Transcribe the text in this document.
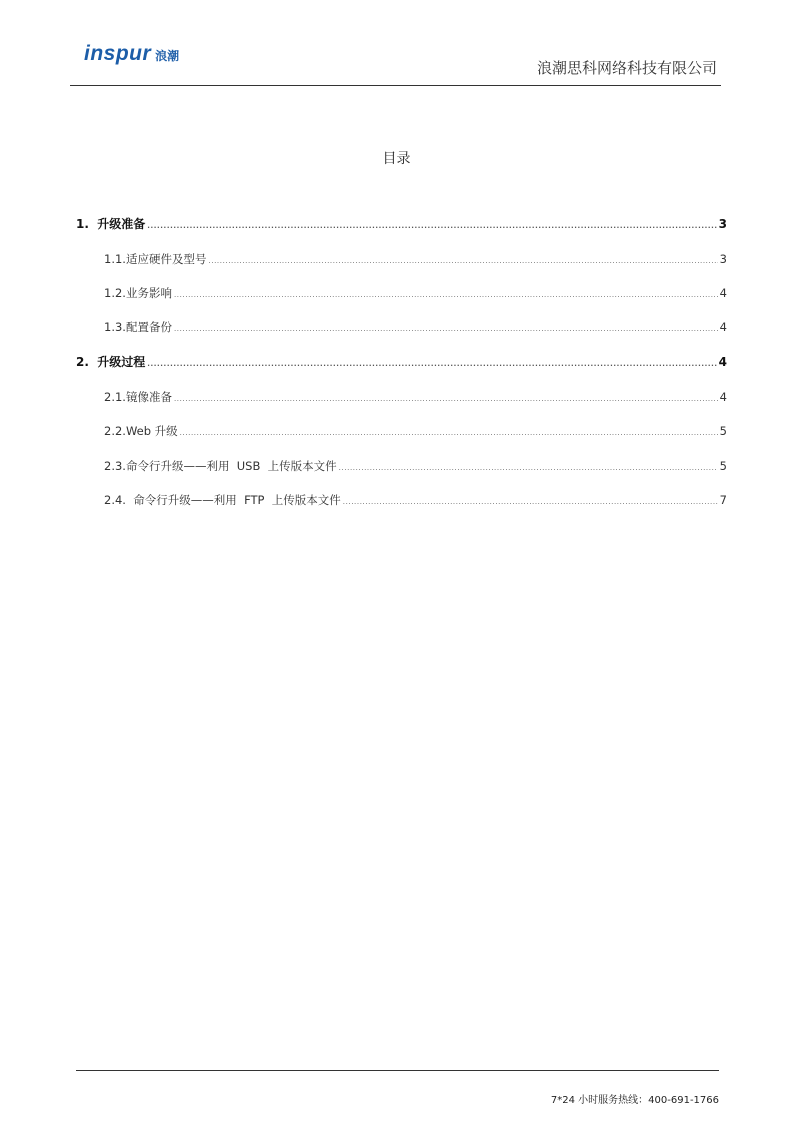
inspur 浪潮
浪潮思科网络科技有限公司
目录
1.  升级准备 .....	3
1.1.适应硬件及型号 .....	3
1.2.业务影响 .....	4
1.3.配置备份 .....	4
2.  升级过程 .....	4
2.1.镜像准备 .....	4
2.2.Web 升级 .....	5
2.3.命令行升级——利用  USB  上传版本文件 .....	5
2.4.  命令行升级——利用  FTP  上传版本文件 .....	7
7*24 小时服务热线：400-691-1766
